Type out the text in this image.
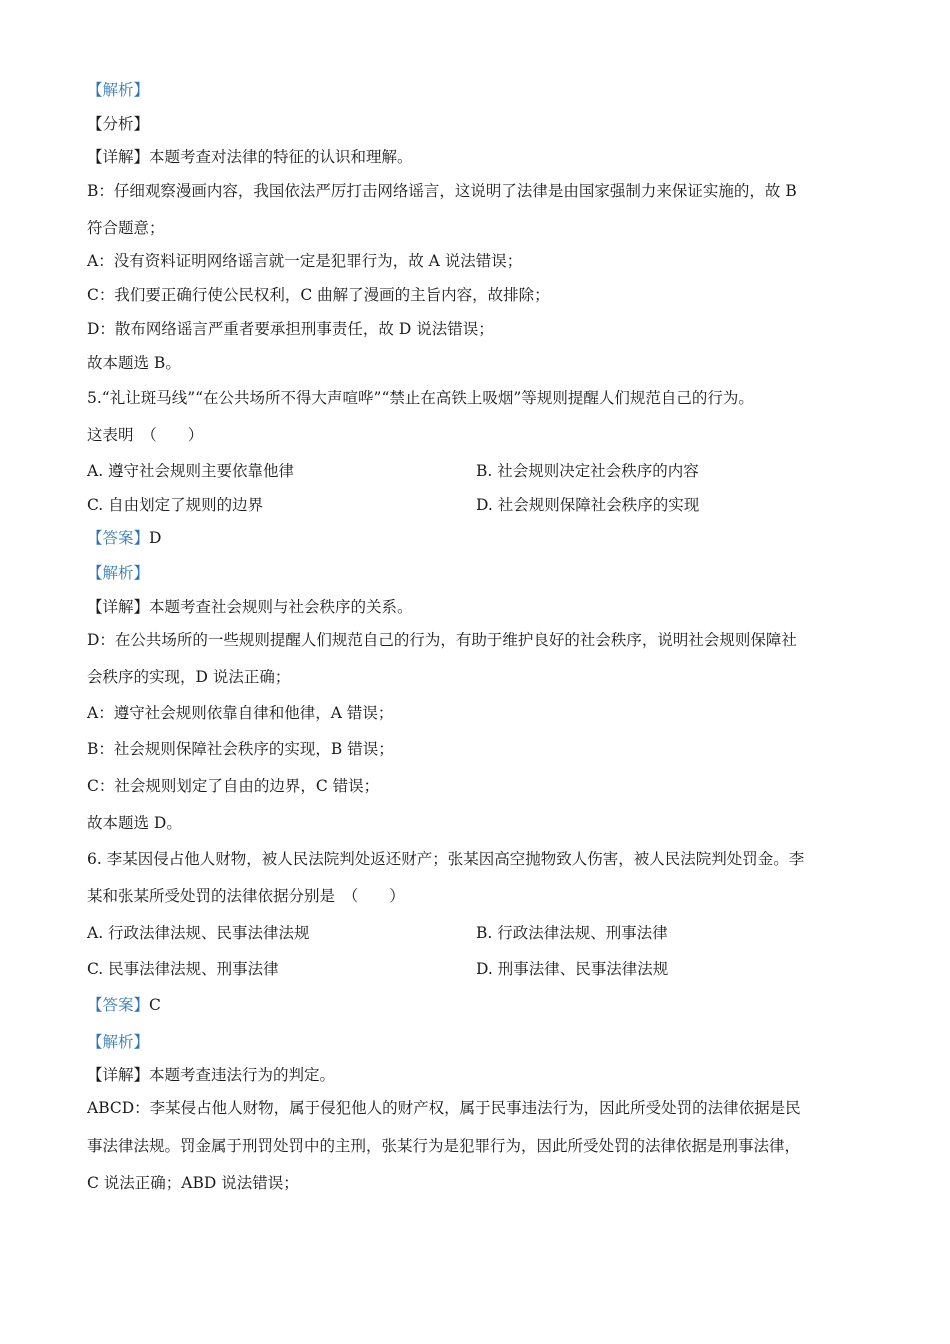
【解析】
【分析】
【详解】本题考查对法律的特征的认识和理解。
B：仔细观察漫画内容，我国依法严厉打击网络谣言，这说明了法律是由国家强制力来保证实施的，故 B
符合题意；
A：没有资料证明网络谣言就一定是犯罪行为，故 A 说法错误；
C：我们要正确行使公民权利，C 曲解了漫画的主旨内容，故排除；
D：散布网络谣言严重者要承担刑事责任，故 D 说法错误；
故本题选 B。
5.“礼让斑马线”“在公共场所不得大声喧哗”“禁止在高铁上吸烟”等规则提醒人们规范自己的行为。
这表明　（　　）
A. 遵守社会规则主要依靠他律	B. 社会规则决定社会秩序的内容
C. 自由划定了规则的边界	D. 社会规则保障社会秩序的实现
【答案】D
【解析】
【详解】本题考查社会规则与社会秩序的关系。
D：在公共场所的一些规则提醒人们规范自己的行为，有助于维护良好的社会秩序，说明社会规则保障社
会秩序的实现，D 说法正确；
A：遵守社会规则依靠自律和他律，A 错误；
B：社会规则保障社会秩序的实现，B 错误；
C：社会规则划定了自由的边界，C 错误；
故本题选 D。
6. 李某因侵占他人财物，被人民法院判处返还财产；张某因高空抛物致人伤害，被人民法院判处罚金。李
某和张某所受处罚的法律依据分别是　（　　）
A. 行政法律法规、民事法律法规	B. 行政法律法规、刑事法律
C. 民事法律法规、刑事法律	D. 刑事法律、民事法律法规
【答案】C
【解析】
【详解】本题考查违法行为的判定。
ABCD：李某侵占他人财物，属于侵犯他人的财产权，属于民事违法行为，因此所受处罚的法律依据是民
事法律法规。罚金属于刑罚处罚中的主刑，张某行为是犯罪行为，因此所受处罚的法律依据是刑事法律，
C 说法正确；ABD 说法错误；
